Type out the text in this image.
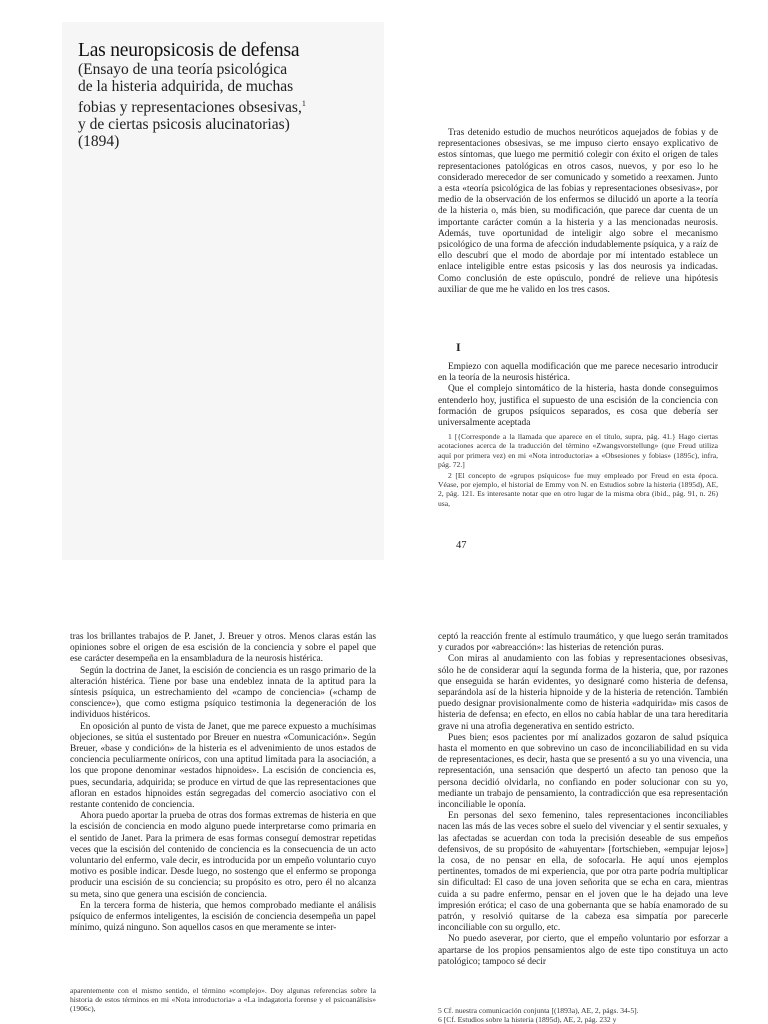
Las neuropsicosis de defensa
(Ensayo de una teoría psicológica
de la histeria adquirida, de muchas
fobias y representaciones obsesivas,$^1$
y de ciertas psicosis alucinatorias)
(1894)

Tras detenido estudio de muchos neuróticos aquejados de fobias y de representaciones obsesivas, se me impuso cierto ensayo explicativo de estos síntomas, que luego me permitió colegir con éxito el origen de tales representaciones patológicas en otros casos, nuevos, y por eso lo he considerado merecedor de ser comunicado y sometido a reexamen. Junto a esta «teoría psicológica de las fobias y representaciones obsesivas», por medio de la observación de los enfermos se dilucidó un aporte a la teoría de la histeria o, más bien, su modificación, que parece dar cuenta de un importante carácter común a la histeria y a las mencionadas neurosis. Además, tuve oportunidad de inteligir algo sobre el mecanismo psicológico de una forma de afección indudablemente psíquica, y a raíz de ello descubrí que el modo de abordaje por mí intentado establece un enlace inteligible entre estas psicosis y las dos neurosis ya indicadas. Como conclusión de este opúsculo, pondré de relieve una hipótesis auxiliar de que me he valido en los tres casos.

I

Empiezo con aquella modificación que me parece necesario introducir en la teoría de la neurosis histérica.

Que el complejo sintomático de la histeria, hasta donde conseguimos entenderlo hoy, justifica el supuesto de una escisión de la conciencia con formación de grupos psíquicos separados, es cosa que debería ser universalmente aceptada

1 [{Corresponde a la llamada que aparece en el título, supra, pág. 41.} Hago ciertas acotaciones acerca de la traducción del término «Zwangsvorstellung» (que Freud utiliza aquí por primera vez) en mi «Nota introductoria» a «Obsesiones y fobias» (1895c), infra, pág. 72.]

2 [El concepto de «grupos psíquicos» fue muy empleado por Freud en esta época. Véase, por ejemplo, el historial de Emmy von N. en Estudios sobre la histeria (1895d), AE, 2, pág. 121. Es interesante notar que en otro lugar de la misma obra (ibid., pág. 91, n. 26) usa,

47

tras los brillantes trabajos de P. Janet, J. Breuer y otros. Menos claras están las opiniones sobre el origen de esa escisión de la conciencia y sobre el papel que ese carácter desempeña en la ensambladura de la neurosis histérica.

Según la doctrina de Janet, la escisión de conciencia es un rasgo primario de la alteración histérica. Tiene por base una endeblez innata de la aptitud para la síntesis psíquica, un estrechamiento del «campo de conciencia» («champ de conscience»), que como estigma psíquico testimonia la degeneración de los individuos histéricos.

En oposición al punto de vista de Janet, que me parece expuesto a muchísimas objeciones, se sitúa el sustentado por Breuer en nuestra «Comunicación». Según Breuer, «base y condición» de la histeria es el advenimiento de unos estados de conciencia peculiarmente oníricos, con una aptitud limitada para la asociación, a los que propone denominar «estados hipnoides». La escisión de conciencia es, pues, secundaria, adquirida; se produce en virtud de que las representaciones que afloran en estados hipnoides están segregadas del comercio asociativo con el restante contenido de conciencia.

Ahora puedo aportar la prueba de otras dos formas extremas de histeria en que la escisión de conciencia en modo alguno puede interpretarse como primaria en el sentido de Janet. Para la primera de esas formas conseguí demostrar repetidas veces que la escisión del contenido de conciencia es la consecuencia de un acto voluntario del enfermo, vale decir, es introducida por un empeño voluntario cuyo motivo es posible indicar. Desde luego, no sostengo que el enfermo se proponga producir una escisión de su conciencia; su propósito es otro, pero él no alcanza su meta, sino que genera una escisión de conciencia.

En la tercera forma de histeria, que hemos comprobado mediante el análisis psíquico de enfermos inteligentes, la escisión de conciencia desempeña un papel mínimo, quizá ninguno. Son aquellos casos en que meramente se inter-

aparentemente con el mismo sentido, el término «complejo». Doy algunas referencias sobre la historia de estos términos en mi «Nota introductoria» a «La indagatoria forense y el psicoanálisis» (1906c),

ceptó la reacción frente al estímulo traumático, y que luego serán tramitados y curados por «abreacción»: las histerias de retención puras.

Con miras al anudamiento con las fobias y representaciones obsesivas, sólo he de considerar aquí la segunda forma de la histeria, que, por razones que enseguida se harán evidentes, yo designaré como histeria de defensa, separándola así de la histeria hipnoide y de la histeria de retención. También puedo designar provisionalmente como de histeria «adquirida» mis casos de histeria de defensa; en efecto, en ellos no cabía hablar de una tara hereditaria grave ni una atrofia degenerativa en sentido estricto.

Pues bien; esos pacientes por mí analizados gozaron de salud psíquica hasta el momento en que sobrevino un caso de inconciliabilidad en su vida de representaciones, es decir, hasta que se presentó a su yo una vivencia, una representación, una sensación que despertó un afecto tan penoso que la persona decidió olvidarla, no confiando en poder solucionar con su yo, mediante un trabajo de pensamiento, la contradicción que esa representación inconciliable le oponía.

En personas del sexo femenino, tales representaciones inconciliables nacen las más de las veces sobre el suelo del vivenciar y el sentir sexuales, y las afectadas se acuerdan con toda la precisión deseable de sus empeños defensivos, de su propósito de «ahuyentar» [fortschieben, «empujar lejos»] la cosa, de no pensar en ella, de sofocarla. He aquí unos ejemplos pertinentes, tomados de mi experiencia, que por otra parte podría multiplicar sin dificultad: El caso de una joven señorita que se echa en cara, mientras cuida a su padre enfermo, pensar en el joven que le ha dejado una leve impresión erótica; el caso de una gobernanta que se había enamorado de su patrón, y resolvió quitarse de la cabeza esa simpatía por parecerle inconciliable con su orgullo, etc.

No puedo aseverar, por cierto, que el empeño voluntario por esforzar a apartarse de los propios pensamientos algo de este tipo constituya un acto patológico; tampoco sé decir

5 Cf. nuestra comunicación conjunta [(1893a), AE, 2, págs. 34-5].
6 [Cf. Estudios sobre la histeria (1895d), AE, 2, pág. 232 y
